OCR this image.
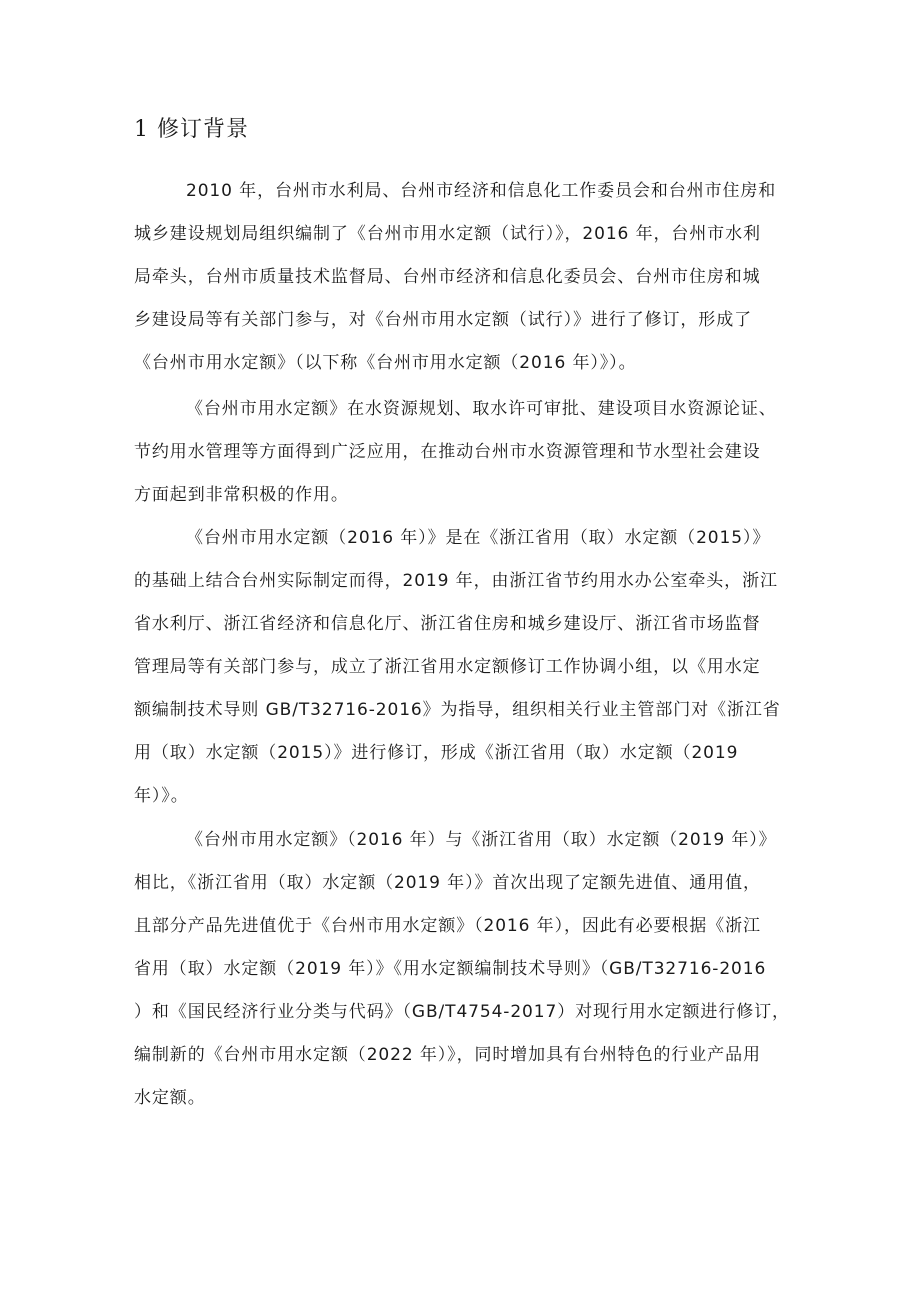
1 修订背景
2010 年，台州市水利局、台州市经济和信息化工作委员会和台州市住房和
城乡建设规划局组织编制了《台州市用水定额（试行）》，2016 年，台州市水利
局牵头，台州市质量技术监督局、台州市经济和信息化委员会、台州市住房和城
乡建设局等有关部门参与，对《台州市用水定额（试行）》进行了修订，形成了
《台州市用水定额》（以下称《台州市用水定额（2016 年）》）。
《台州市用水定额》在水资源规划、取水许可审批、建设项目水资源论证、
节约用水管理等方面得到广泛应用，在推动台州市水资源管理和节水型社会建设
方面起到非常积极的作用。
《台州市用水定额（2016 年）》是在《浙江省用（取）水定额（2015）》
的基础上结合台州实际制定而得，2019 年，由浙江省节约用水办公室牵头，浙江
省水利厅、浙江省经济和信息化厅、浙江省住房和城乡建设厅、浙江省市场监督
管理局等有关部门参与，成立了浙江省用水定额修订工作协调小组，以《用水定
额编制技术导则 GB/T32716-2016》为指导，组织相关行业主管部门对《浙江省
用（取）水定额（2015）》进行修订，形成《浙江省用（取）水定额（2019
年）》。
《台州市用水定额》（2016 年）与《浙江省用（取）水定额（2019 年）》
相比，《浙江省用（取）水定额（2019 年）》首次出现了定额先进值、通用值，
且部分产品先进值优于《台州市用水定额》（2016 年），因此有必要根据《浙江
省用（取）水定额（2019 年）》《用水定额编制技术导则》（GB/T32716-2016
）和《国民经济行业分类与代码》（GB/T4754-2017）对现行用水定额进行修订，
编制新的《台州市用水定额（2022 年）》，同时增加具有台州特色的行业产品用
水定额。
